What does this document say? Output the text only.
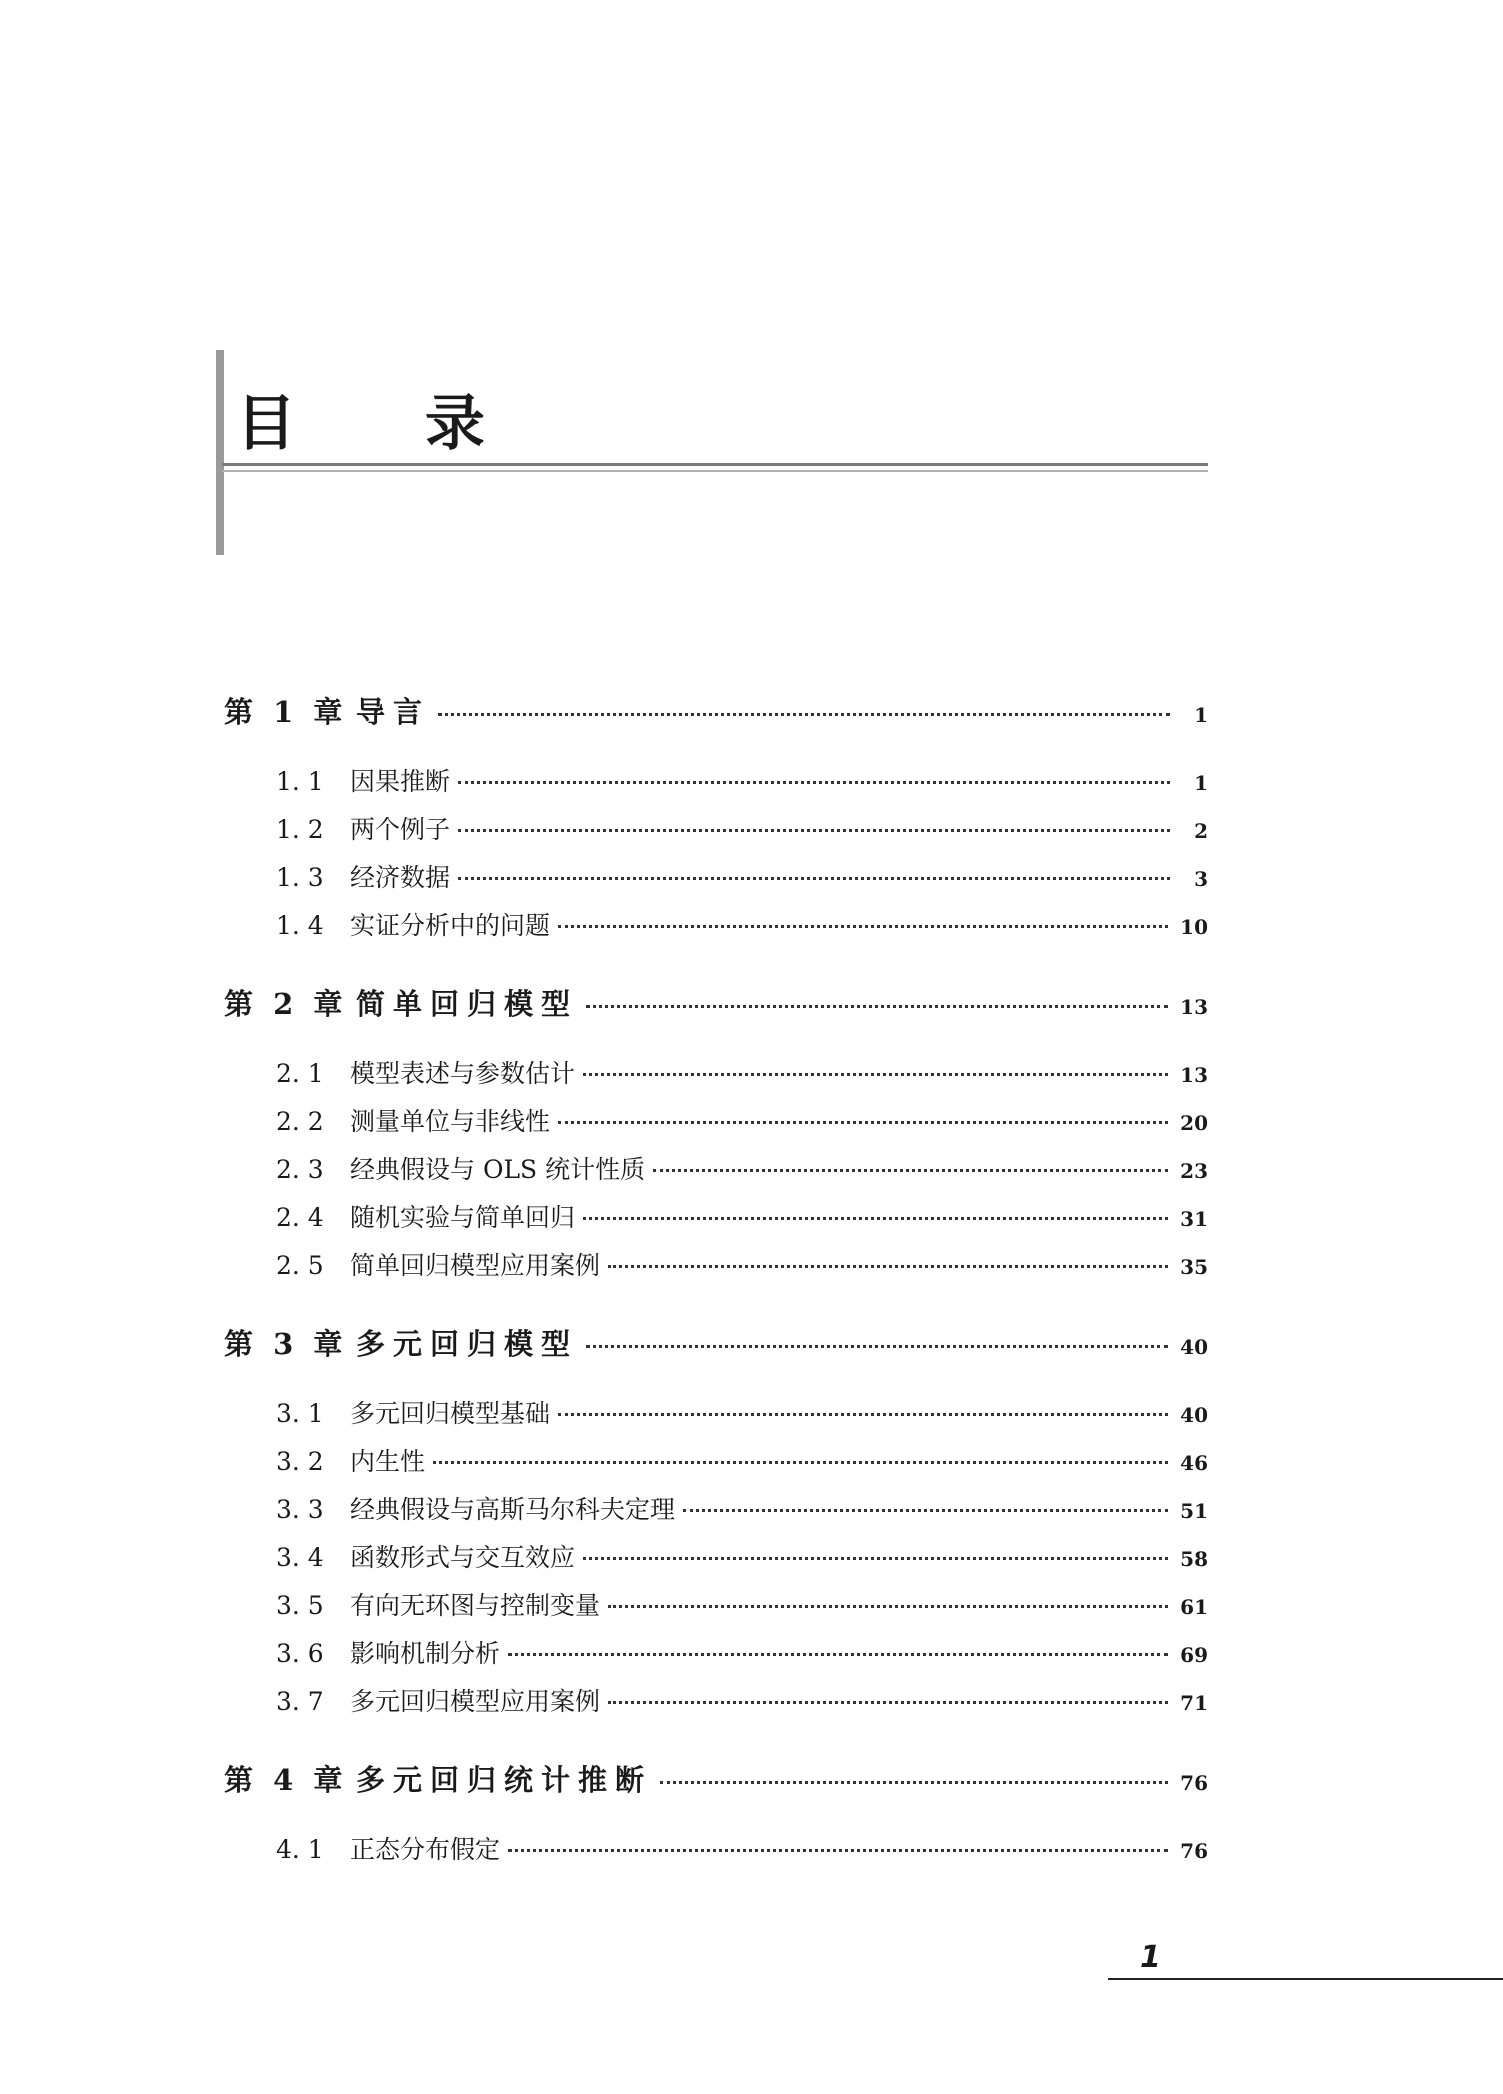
目 录
第 1 章 导言	1
1. 1	因果推断	1
1. 2	两个例子	2
1. 3	经济数据	3
1. 4	实证分析中的问题	10
第 2 章 简单回归模型	13
2. 1	模型表述与参数估计	13
2. 2	测量单位与非线性	20
2. 3	经典假设与 OLS 统计性质	23
2. 4	随机实验与简单回归	31
2. 5	简单回归模型应用案例	35
第 3 章 多元回归模型	40
3. 1	多元回归模型基础	40
3. 2	内生性	46
3. 3	经典假设与高斯马尔科夫定理	51
3. 4	函数形式与交互效应	58
3. 5	有向无环图与控制变量	61
3. 6	影响机制分析	69
3. 7	多元回归模型应用案例	71
第 4 章 多元回归统计推断	76
4. 1	正态分布假定	76
1
